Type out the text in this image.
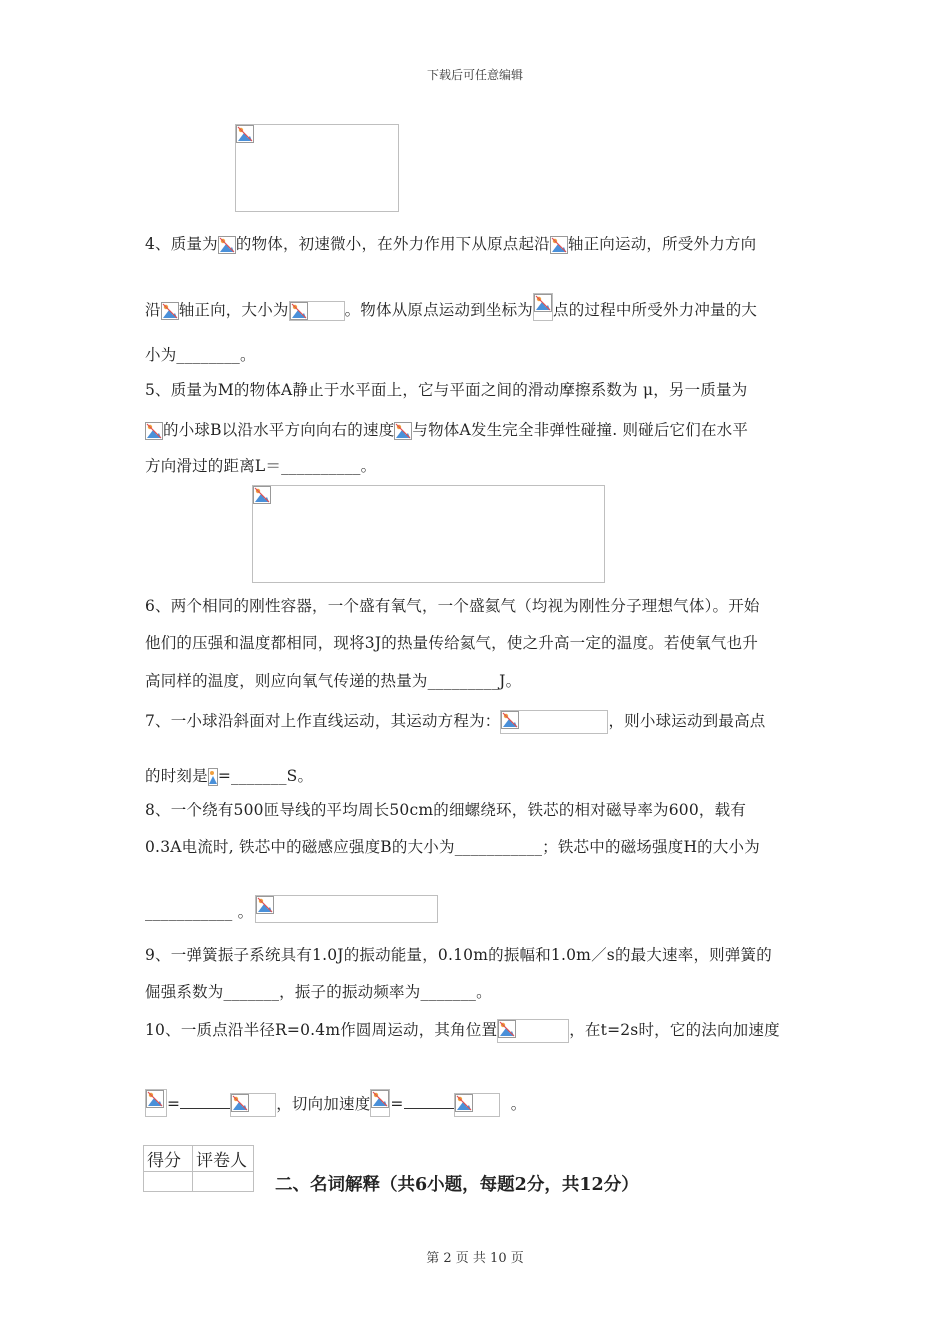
下载后可任意编辑
4、质量为 的物体，初速微小，在外力作用下从原点起沿 轴正向运动，所受外力方向
沿 轴正向，大小为	。物体从原点运动到坐标为 点的过程中所受外力冲量的大
小为________。
5、质量为M的物体A静止于水平面上，它与平面之间的滑动摩擦系数为 μ，另一质量为
的小球B以沿水平方向向右的速度 与物体A发生完全非弹性碰撞. 则碰后它们在水平
方向滑过的距离L＝__________。
6、两个相同的刚性容器，一个盛有氧气，一个盛氦气（均视为刚性分子理想气体）。开始
他们的压强和温度都相同，现将3J的热量传给氦气，使之升高一定的温度。若使氧气也升
高同样的温度，则应向氧气传递的热量为_________J。
7、一小球沿斜面对上作直线运动，其运动方程为：	，则小球运动到最高点
的时刻是 =_______S。
8、一个绕有500匝导线的平均周长50cm的细螺绕环，铁芯的相对磁导率为600，载有
0.3A电流时, 铁芯中的磁感应强度B的大小为___________；铁芯中的磁场强度H的大小为
___________ 。
9、一弹簧振子系统具有1.0J的振动能量，0.10m的振幅和1.0m／s的最大速率，则弹簧的
倔强系数为_______，振子的振动频率为_______。
10、一质点沿半径R=0.4m作圆周运动，其角位置	，在t=2s时，它的法向加速度
=	，切向加速度 =	。
得分	评卷人

二、名词解释（共6小题，每题2分，共12分）
第 2 页 共 10 页
